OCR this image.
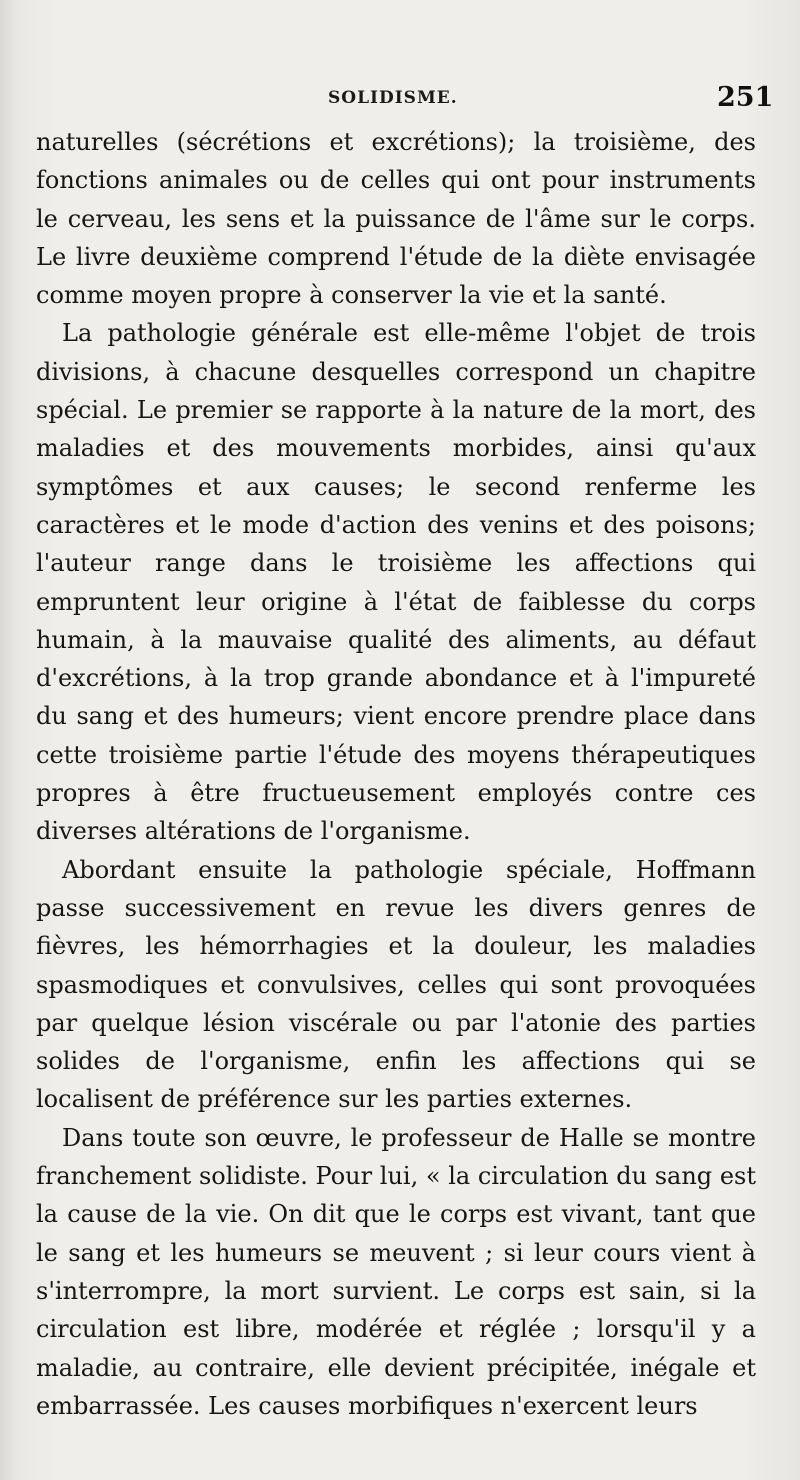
SOLIDISME.	251

naturelles (sécrétions et excrétions); la troisième, des fonctions animales ou de celles qui ont pour instruments le cerveau, les sens et la puissance de l'âme sur le corps. Le livre deuxième comprend l'étude de la diète envisagée comme moyen propre à conserver la vie et la santé.

La pathologie générale est elle-même l'objet de trois divisions, à chacune desquelles correspond un chapitre spécial. Le premier se rapporte à la nature de la mort, des maladies et des mouvements morbides, ainsi qu'aux symptômes et aux causes; le second renferme les caractères et le mode d'action des venins et des poisons; l'auteur range dans le troisième les affections qui empruntent leur origine à l'état de faiblesse du corps humain, à la mauvaise qualité des aliments, au défaut d'excrétions, à la trop grande abondance et à l'impureté du sang et des humeurs; vient encore prendre place dans cette troisième partie l'étude des moyens thérapeutiques propres à être fructueusement employés contre ces diverses altérations de l'organisme.

Abordant ensuite la pathologie spéciale, Hoffmann passe successivement en revue les divers genres de fièvres, les hémorrhagies et la douleur, les maladies spasmodiques et convulsives, celles qui sont provoquées par quelque lésion viscérale ou par l'atonie des parties solides de l'organisme, enfin les affections qui se localisent de préférence sur les parties externes.

Dans toute son œuvre, le professeur de Halle se montre franchement solidiste. Pour lui, « la circulation du sang est la cause de la vie. On dit que le corps est vivant, tant que le sang et les humeurs se meuvent ; si leur cours vient à s'interrompre, la mort survient. Le corps est sain, si la circulation est libre, modérée et réglée ; lorsqu'il y a maladie, au contraire, elle devient précipitée, inégale et embarrassée. Les causes morbifiques n'exercent leurs
